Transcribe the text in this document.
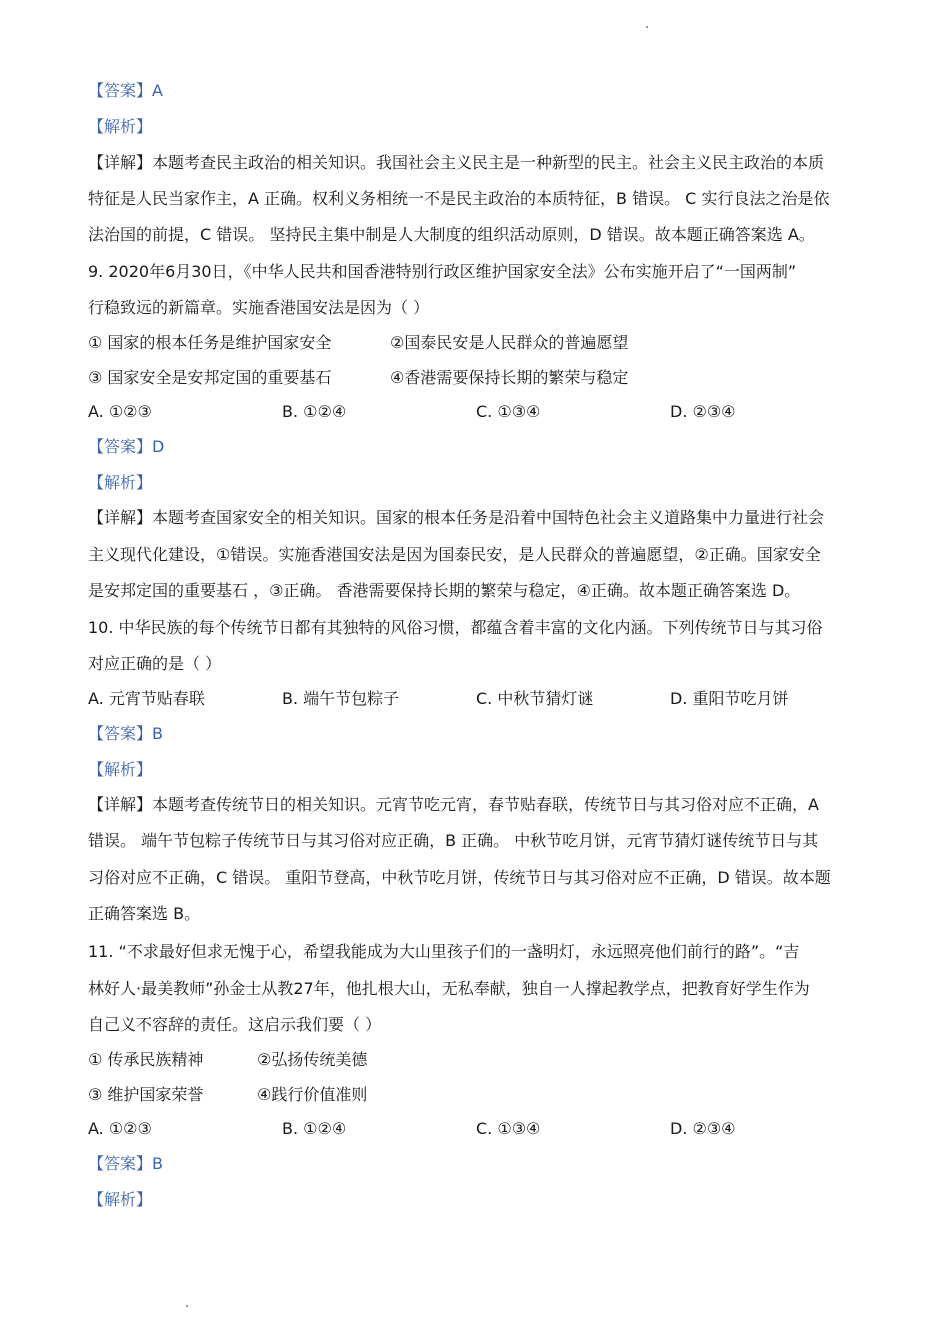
【答案】A
【解析】
【详解】本题考查民主政治的相关知识。我国社会主义民主是一种新型的民主。社会主义民主政治的本质
特征是人民当家作主，A 正确。权利义务相统一不是民主政治的本质特征，B 错误。 C 实行良法之治是依
法治国的前提，C 错误。 坚持民主集中制是人大制度的组织活动原则，D 错误。故本题正确答案选 A。
9. 2020年6月30日，《中华人民共和国香港特别行政区维护国家安全法》公布实施开启了“一国两制”
行稳致远的新篇章。实施香港国安法是因为（ ）
① 国家的根本任务是维护国家安全	②国泰民安是人民群众的普遍愿望
③ 国家安全是安邦定国的重要基石	④香港需要保持长期的繁荣与稳定
A. ①②③	B. ①②④	C. ①③④	D. ②③④
【答案】D
【解析】
【详解】本题考查国家安全的相关知识。国家的根本任务是沿着中国特色社会主义道路集中力量进行社会
主义现代化建设，①错误。实施香港国安法是因为国泰民安，是人民群众的普遍愿望，②正确。国家安全
是安邦定国的重要基石 ，③正确。 香港需要保持长期的繁荣与稳定，④正确。故本题正确答案选 D。
10. 中华民族的每个传统节日都有其独特的风俗习惯，都蕴含着丰富的文化内涵。下列传统节日与其习俗
对应正确的是（ ）
A. 元宵节贴春联	B. 端午节包粽子	C. 中秋节猜灯谜	D. 重阳节吃月饼
【答案】B
【解析】
【详解】本题考查传统节日的相关知识。元宵节吃元宵，春节贴春联，传统节日与其习俗对应不正确，A
错误。 端午节包粽子传统节日与其习俗对应正确，B 正确。 中秋节吃月饼，元宵节猜灯谜传统节日与其
习俗对应不正确，C 错误。 重阳节登高，中秋节吃月饼，传统节日与其习俗对应不正确，D 错误。故本题
正确答案选 B。
11. “不求最好但求无愧于心，希望我能成为大山里孩子们的一盏明灯，永远照亮他们前行的路”。“吉
林好人·最美教师”孙金士从教27年，他扎根大山，无私奉献，独自一人撑起教学点，把教育好学生作为
自己义不容辞的责任。这启示我们要（ ）
① 传承民族精神	②弘扬传统美德
③ 维护国家荣誉	④践行价值准则
A. ①②③	B. ①②④	C. ①③④	D. ②③④
【答案】B
【解析】
